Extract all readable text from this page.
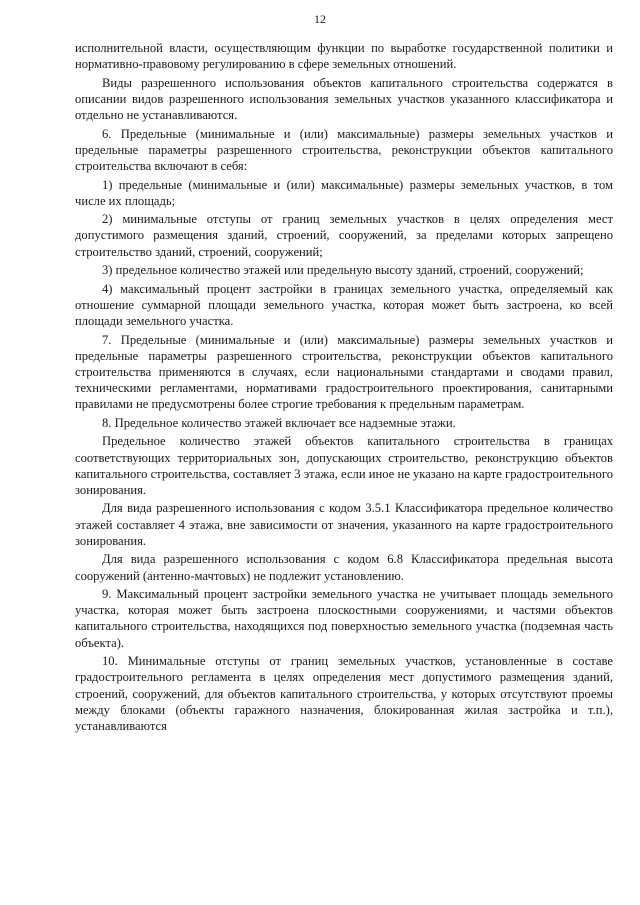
12

исполнительной власти, осуществляющим функции по выработке государственной политики и нормативно-правовому регулированию в сфере земельных отношений.

Виды разрешенного использования объектов капитального строительства содержатся в описании видов разрешенного использования земельных участков указанного классификатора и отдельно не устанавливаются.

6. Предельные (минимальные и (или) максимальные) размеры земельных участков и предельные параметры разрешенного строительства, реконструкции объектов капитального строительства включают в себя:

1) предельные (минимальные и (или) максимальные) размеры земельных участков, в том числе их площадь;

2) минимальные отступы от границ земельных участков в целях определения мест допустимого размещения зданий, строений, сооружений, за пределами которых запрещено строительство зданий, строений, сооружений;

3) предельное количество этажей или предельную высоту зданий, строений, сооружений;

4) максимальный процент застройки в границах земельного участка, определяемый как отношение суммарной площади земельного участка, которая может быть застроена, ко всей площади земельного участка.

7. Предельные (минимальные и (или) максимальные) размеры земельных участков и предельные параметры разрешенного строительства, реконструкции объектов капитального строительства применяются в случаях, если национальными стандартами и сводами правил, техническими регламентами, нормативами градостроительного проектирования, санитарными правилами не предусмотрены более строгие требования к предельным параметрам.

8. Предельное количество этажей включает все надземные этажи.

Предельное количество этажей объектов капитального строительства в границах соответствующих территориальных зон, допускающих строительство, реконструкцию объектов капитального строительства, составляет 3 этажа, если иное не указано на карте градостроительного зонирования.

Для вида разрешенного использования с кодом 3.5.1 Классификатора предельное количество этажей составляет 4 этажа, вне зависимости от значения, указанного на карте градостроительного зонирования.

Для вида разрешенного использования с кодом 6.8 Классификатора предельная высота сооружений (антенно-мачтовых) не подлежит установлению.

9. Максимальный процент застройки земельного участка не учитывает площадь земельного участка, которая может быть застроена плоскостными сооружениями, и частями объектов капитального строительства, находящихся под поверхностью земельного участка (подземная часть объекта).

10. Минимальные отступы от границ земельных участков, установленные в составе градостроительного регламента в целях определения мест допустимого размещения зданий, строений, сооружений, для объектов капитального строительства, у которых отсутствуют проемы между блоками (объекты гаражного назначения, блокированная жилая застройка и т.п.), устанавливаются
